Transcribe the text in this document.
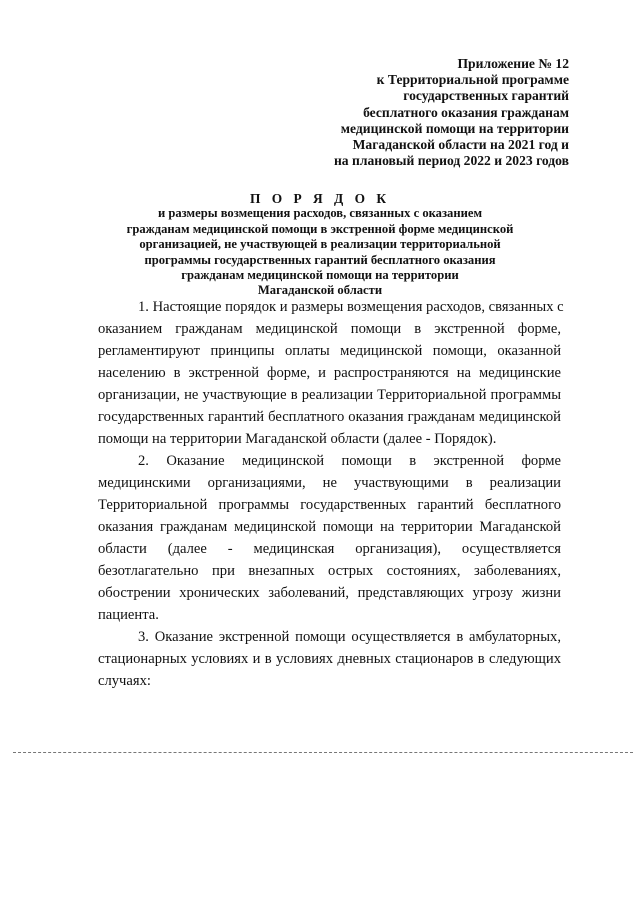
Приложение № 12
к Территориальной программе
государственных гарантий
бесплатного оказания гражданам
медицинской помощи на территории
Магаданской области на 2021 год и
на плановый период 2022 и 2023 годов
П О Р Я Д О К
и размеры возмещения расходов, связанных с оказанием
гражданам медицинской помощи в экстренной форме медицинской
организацией, не участвующей в реализации территориальной
программы государственных гарантий бесплатного оказания
гражданам медицинской помощи на территории
Магаданской области
1. Настоящие порядок и размеры возмещения расходов, связанных с
оказанием гражданам медицинской помощи в экстренной форме,
регламентируют принципы оплаты медицинской помощи, оказанной
населению в экстренной форме, и распространяются на медицинские
организации, не участвующие в реализации Территориальной программы
государственных гарантий бесплатного оказания гражданам медицинской
помощи на территории Магаданской области (далее - Порядок).
2. Оказание медицинской помощи в экстренной форме
медицинскими организациями, не участвующими в реализации
Территориальной программы государственных гарантий бесплатного
оказания гражданам медицинской помощи на территории Магаданской
области (далее - медицинская организация), осуществляется
безотлагательно при внезапных острых состояниях, заболеваниях,
обострении хронических заболеваний, представляющих угрозу жизни
пациента.
3. Оказание экстренной помощи осуществляется в амбулаторных,
стационарных условиях и в условиях дневных стационаров в следующих
случаях:
